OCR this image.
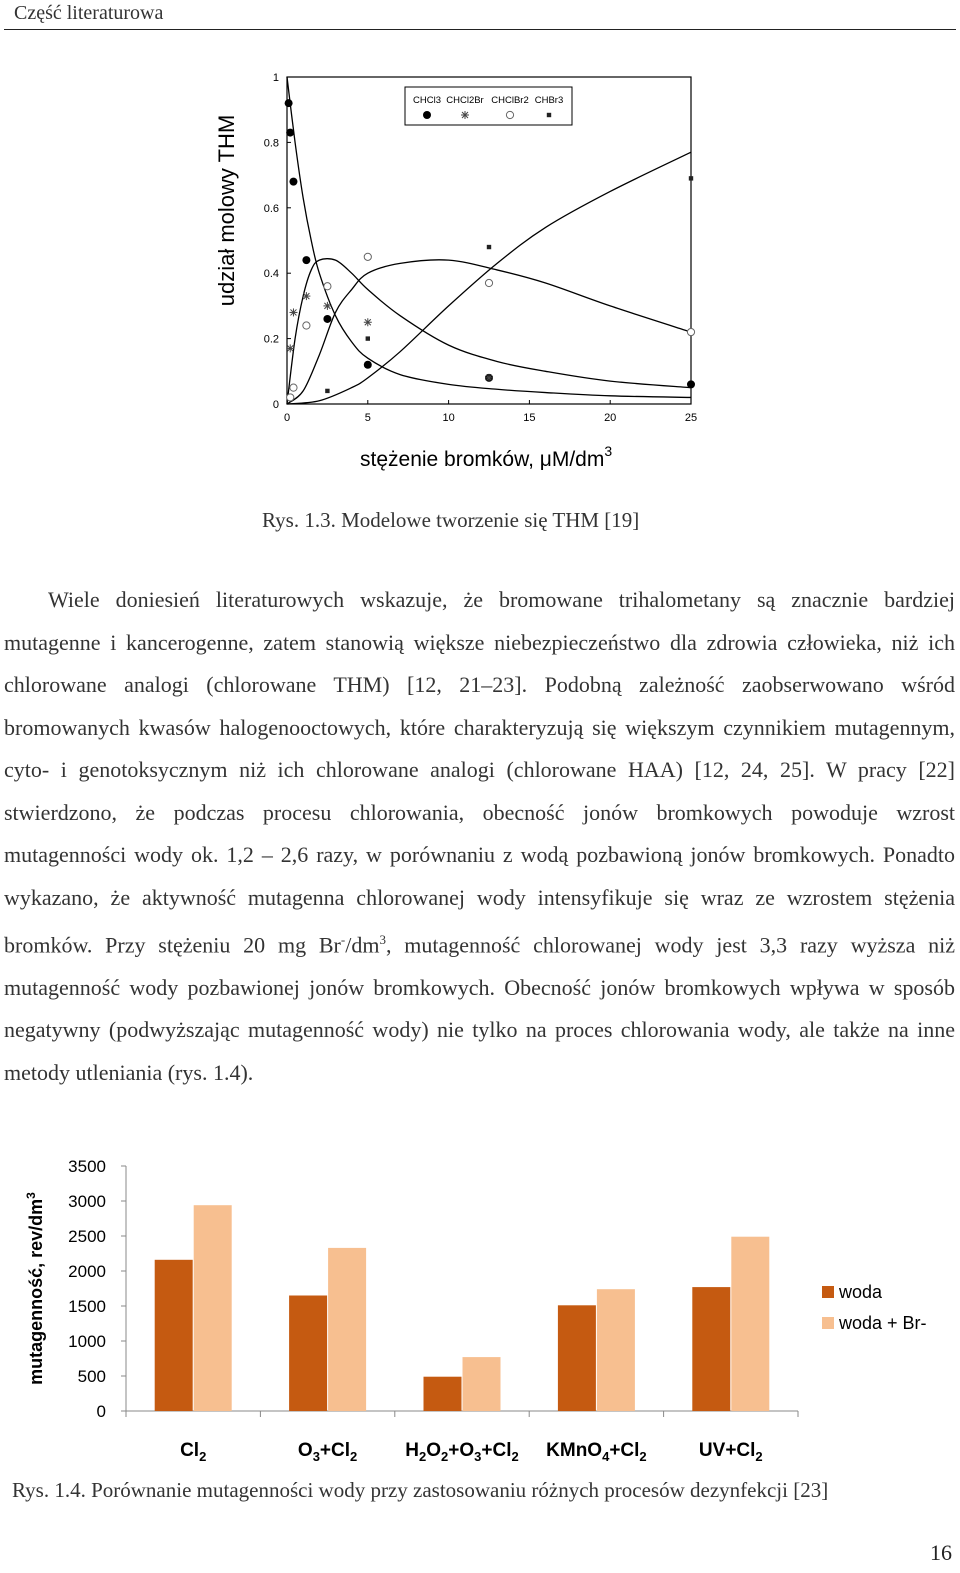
Część literaturowa
0	5	10	15	20	25
0
0.2
0.4
0.6
0.8
1
udział molowy THM
stężenie bromków, $\mu M/dm^3$
CHCl3 CHCl2Br CHClBr2 CHBr3
Rys. 1.3. Modelowe tworzenie się THM [19]

Wiele doniesień literaturowych wskazuje, że bromowane trihalometany są znacznie bardziej mutagenne i kancerogenne, zatem stanowią większe niebezpieczeństwo dla zdrowia człowieka, niż ich chlorowane analogi (chlorowane THM) [12, 21–23]. Podobną zależność zaobserwowano wśród bromowanych kwasów halogenooctowych, które charakteryzują się większym czynnikiem mutagennym, cyto- i genotoksycznym niż ich chlorowane analogi (chlorowane HAA) [12, 24, 25]. W pracy [22] stwierdzono, że podczas procesu chlorowania, obecność jonów bromkowych powoduje wzrost mutagenności wody ok. 1,2 – 2,6 razy, w porównaniu z wodą pozbawioną jonów bromkowych. Ponadto wykazano, że aktywność mutagenna chlorowanej wody intensyfikuje się wraz ze wzrostem stężenia bromków. Przy stężeniu 20 mg $Br^-/dm^3$, mutagenność chlorowanej wody jest 3,3 razy wyższa niż mutagenność wody pozbawionej jonów bromkowych. Obecność jonów bromkowych wpływa w sposób negatywny (podwyższając mutagenność wody) nie tylko na proces chlorowania wody, ale także na inne metody utleniania (rys. 1.4).

0
500
1000
1500
2000
2500
3000
3500
$Cl_2$	$O_3+Cl_2$	$H_2O_2+O_3+Cl_2$ $KMnO_4+Cl_2$	$UV+Cl_2$
mutagenność, rev/$dm^3$
woda
woda + Br-
Rys. 1.4. Porównanie mutagenności wody przy zastosowaniu różnych procesów dezynfekcji [23]
16
